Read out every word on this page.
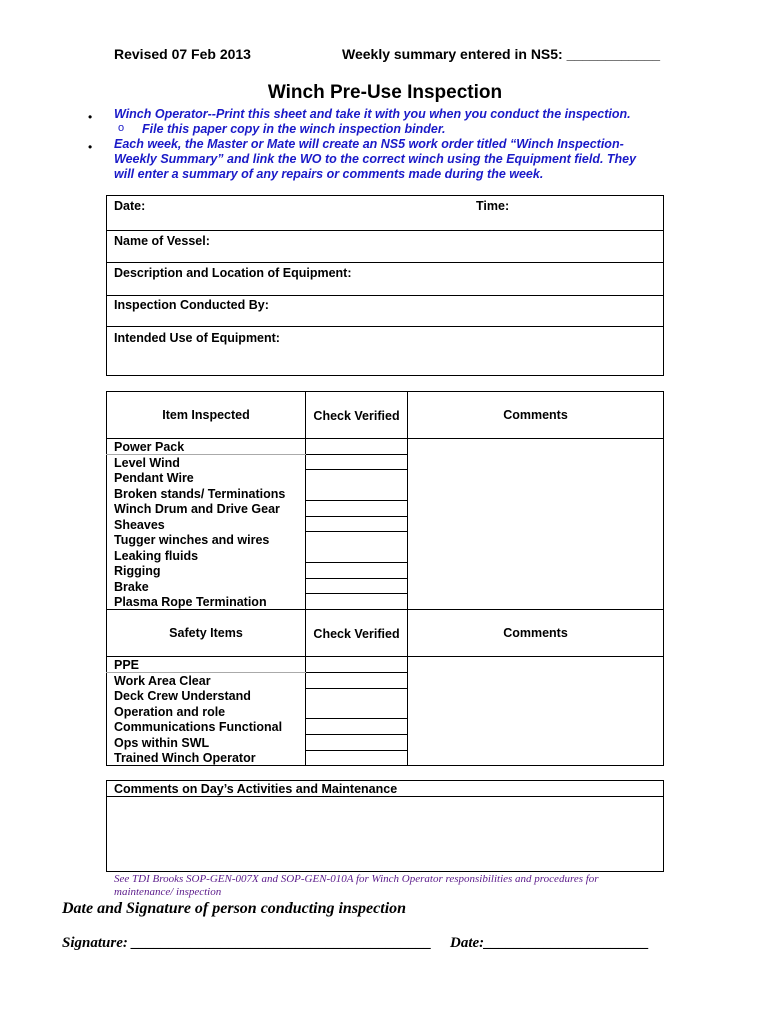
Revised 07 Feb 2013	Weekly summary entered in NS5: ____________
Winch Pre-Use Inspection
• Winch Operator--Print this sheet and take it with you when you conduct the inspection.
o File this paper copy in the winch inspection binder.
• Each week, the Master or Mate will create an NS5 work order titled “Winch Inspection-
Weekly Summary” and link the WO to the correct winch using the Equipment field. They
will enter a summary of any repairs or comments made during the week.
Date:	Time:
Name of Vessel:
Description and Location of Equipment:
Inspection Conducted By:
Intended Use of Equipment:
Item Inspected	Check Verified	Comments
Power Pack
Level Wind
Pendant Wire
Broken stands/ Terminations
Winch Drum and Drive Gear
Sheaves
Tugger winches and wires
Leaking fluids
Rigging
Brake
Plasma Rope Termination
Safety Items	Check Verified	Comments
PPE
Work Area Clear
Deck Crew Understand
Operation and role
Communications Functional
Ops within SWL
Trained Winch Operator
Comments on Day’s Activities and Maintenance
See TDI Brooks SOP-GEN-007X and SOP-GEN-010A for Winch Operator responsibilities and procedures for
maintenance/ inspection
Date and Signature of person conducting inspection
Signature: ________________________________________ Date:______________________
